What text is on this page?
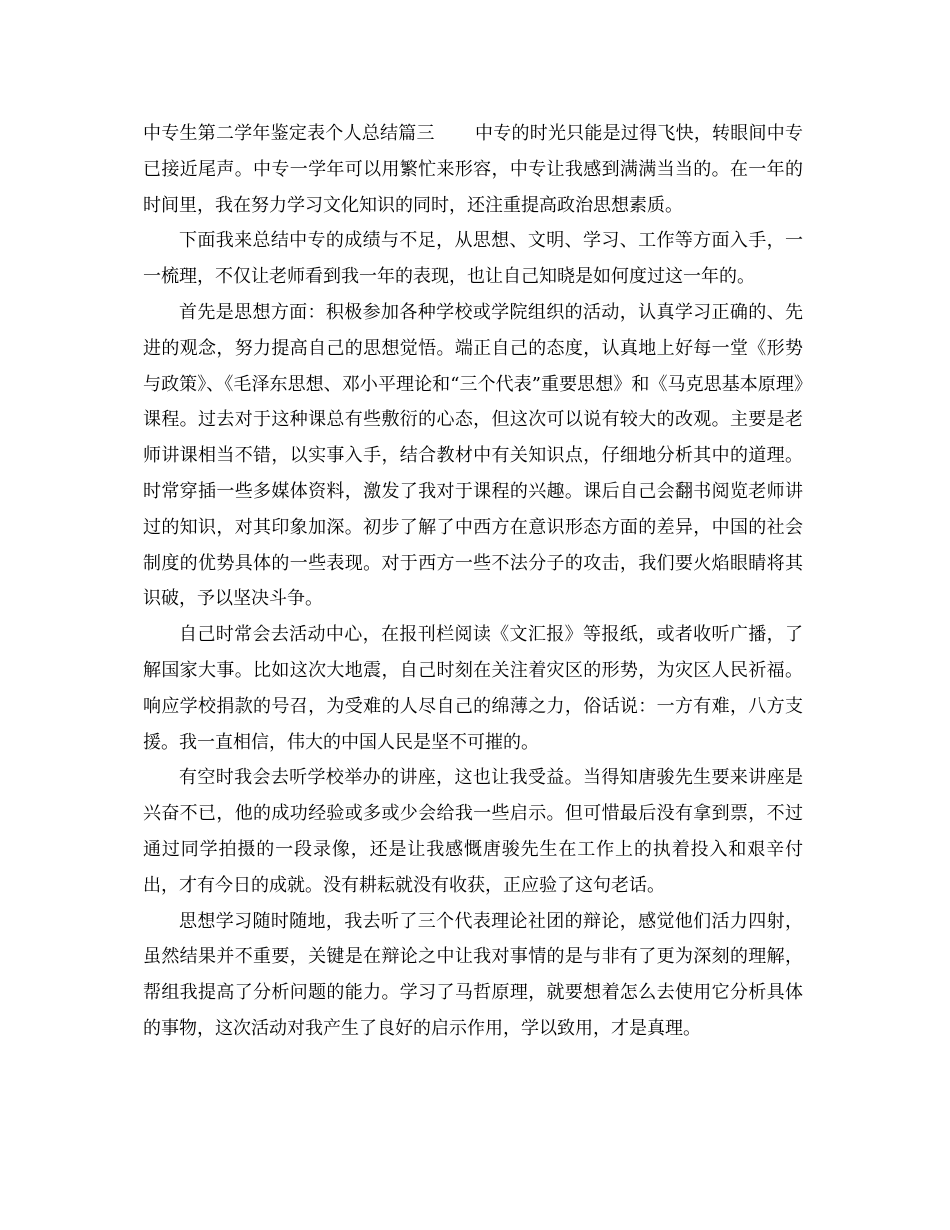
中专生第二学年鉴定表个人总结篇三 中专的时光只能是过得飞快，转眼间中专已接近尾声。中专一学年可以用繁忙来形容，中专让我感到满满当当的。在一年的时间里，我在努力学习文化知识的同时，还注重提高政治思想素质。

下面我来总结中专的成绩与不足，从思想、文明、学习、工作等方面入手，一一梳理，不仅让老师看到我一年的表现，也让自己知晓是如何度过这一年的。

首先是思想方面：积极参加各种学校或学院组织的活动，认真学习正确的、先进的观念，努力提高自己的思想觉悟。端正自己的态度，认真地上好每一堂《形势与政策》、《毛泽东思想、邓小平理论和“三个代表”重要思想》和《马克思基本原理》课程。过去对于这种课总有些敷衍的心态，但这次可以说有较大的改观。主要是老师讲课相当不错，以实事入手，结合教材中有关知识点，仔细地分析其中的道理。时常穿插一些多媒体资料，激发了我对于课程的兴趣。课后自己会翻书阅览老师讲过的知识，对其印象加深。初步了解了中西方在意识形态方面的差异，中国的社会制度的优势具体的一些表现。对于西方一些不法分子的攻击，我们要火焰眼睛将其识破，予以坚决斗争。

自己时常会去活动中心，在报刊栏阅读《文汇报》等报纸，或者收听广播，了解国家大事。比如这次大地震，自己时刻在关注着灾区的形势，为灾区人民祈福。响应学校捐款的号召，为受难的人尽自己的绵薄之力，俗话说：一方有难，八方支援。我一直相信，伟大的中国人民是坚不可摧的。

有空时我会去听学校举办的讲座，这也让我受益。当得知唐骏先生要来讲座是兴奋不已，他的成功经验或多或少会给我一些启示。但可惜最后没有拿到票，不过通过同学拍摄的一段录像，还是让我感慨唐骏先生在工作上的执着投入和艰辛付出，才有今日的成就。没有耕耘就没有收获，正应验了这句老话。

思想学习随时随地，我去听了三个代表理论社团的辩论，感觉他们活力四射，虽然结果并不重要，关键是在辩论之中让我对事情的是与非有了更为深刻的理解，帮组我提高了分析问题的能力。学习了马哲原理，就要想着怎么去使用它分析具体的事物，这次活动对我产生了良好的启示作用，学以致用，才是真理。
